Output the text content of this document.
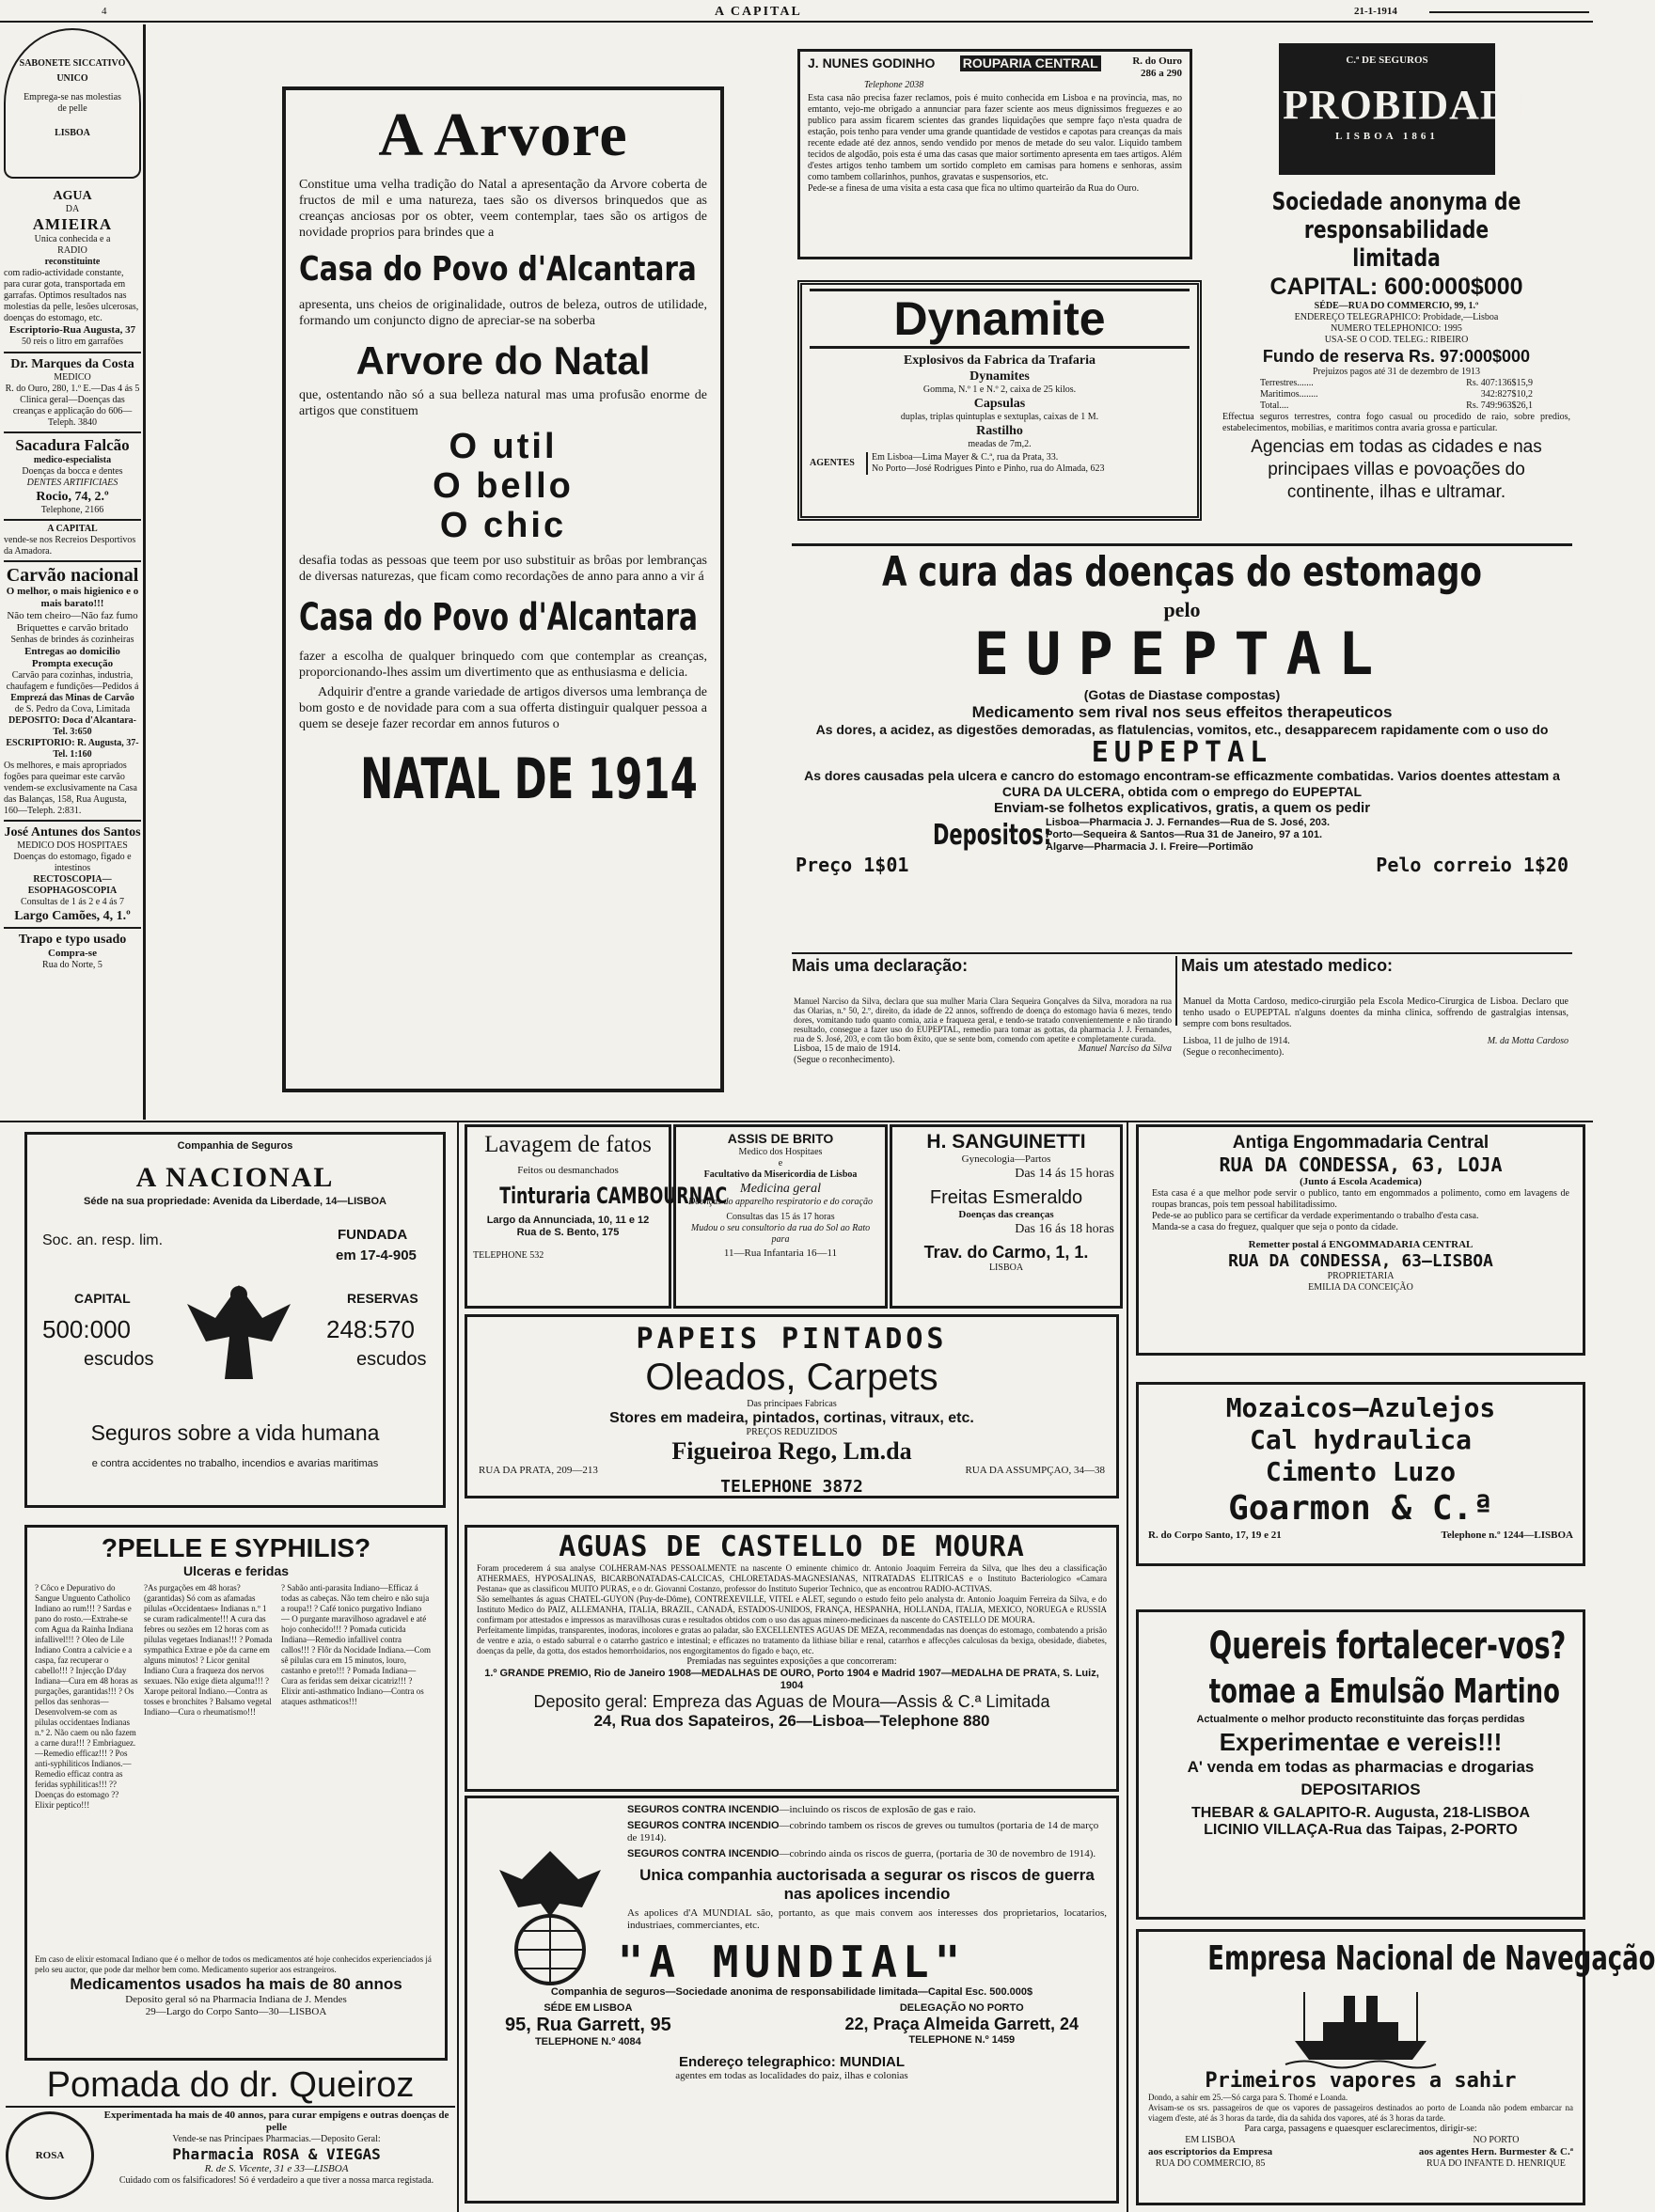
4	A CAPITAL	21-1-1914
SABONETE SICCATIVO
UNICO
Emprega-se nas molestias
de pelle
LISBOA
AGUA
DA
AMIEIRA
Unica conhecida e a
RADIO
reconstituinte
com radio-actividade constante, para curar gota, transportada em garrafas. Optimos resultados nas molestias da pelle, lesões ulcerosas, doenças do estomago, etc.
Escriptorio-Rua Augusta, 37
50 reis o litro em garrafões
Dr. Marques da Costa
MEDICO
R. do Ouro, 280, 1.º E.—Das 4 ás 5
Clinica geral—Doenças das creanças e applicação do 606—Teleph. 3840
Sacadura Falcão
medico-especialista
Doenças da bocca e dentes
DENTES ARTIFICIAES
Rocio, 74, 2.º
Telephone, 2166
A CAPITAL
vende-se nos Recreios Desportivos da Amadora.
Carvão nacional
O melhor, o mais higienico e o mais barato!!!
Não tem cheiro—Não faz fumo
Briquettes e carvão britado
Senhas de brindes ás cozinheiras
Entregas ao domicilio
Prompta execução
Carvão para cozinhas, industria, chaufagem e fundições—Pedidos á
Emprezá das Minas de Carvão
de S. Pedro da Cova, Limitada
DEPOSITO: Doca d'Alcantara-Tel. 3:650
ESCRIPTORIO: R. Augusta, 37-Tel. 1:160
Os melhores, e mais apropriados fogões para queimar este carvão vendem-se exclusivamente na Casa das Balanças, 158, Rua Augusta, 160—Teleph. 2:831.
José Antunes dos Santos
MEDICO DOS HOSPITAES
Doenças do estomago, figado e intestinos
RECTOSCOPIA—ESOPHAGOSCOPIA
Consultas de 1 ás 2 e 4 ás 7
Largo Camões, 4, 1.º
Trapo e typo usado
Compra-se
Rua do Norte, 5
A Arvore

Constitue uma velha tradição do Natal a apresentação da Arvore coberta de fructos de mil e uma natureza, taes são os diversos brinquedos que as creanças anciosas por os obter, veem contemplar, taes são os artigos de novidade proprios para brindes que a

Casa do Povo d'Alcantara

apresenta, uns cheios de originalidade, outros de beleza, outros de utilidade, formando um conjuncto digno de apreciar-se na soberba

Arvore do Natal

que, ostentando não só a sua belleza natural mas uma profusão enorme de artigos que constituem

O util
O bello
O chic

desafia todas as pessoas que teem por uso substituir as brôas por lembranças de diversas naturezas, que ficam como recordações de anno para anno a vir á

Casa do Povo d'Alcantara

fazer a escolha de qualquer brinquedo com que contemplar as creanças, proporcionando-lhes assim um divertimento que as enthusiasma e delicia.

Adquirir d'entre a grande variedade de artigos diversos uma lembrança de bom gosto e de novidade para com a sua offerta distinguir qualquer pessoa a quem se deseje fazer recordar em annos futuros o

NATAL DE 1914
J. NUNES GODINHO ROUPARIA CENTRAL	R. do Ouro 286 a 290
Telephone 2038

Esta casa não precisa fazer reclamos, pois é muito conhecida em Lisboa e na provincia, mas, no emtanto, vejo-me obrigado a annunciar para fazer sciente aos meus dignissimos freguezes e ao publico para assim ficarem scientes das grandes liquidações que sempre faço n'esta quadra de estação, pois tenho para vender uma grande quantidade de vestidos e capotas para creanças da mais recente edade até dez annos, sendo vendido por menos de metade do seu valor. Liquido tambem tecidos de algodão, pois esta é uma das casas que maior sortimento apresenta em taes artigos. Além d'estes artigos tenho tambem um sortido completo em camisas para homens e senhoras, assim como tambem collarinhos, punhos, gravatas e suspensorios, etc.

Pede-se a finesa de uma visita a esta casa que fica no ultimo quarteirão da Rua do Ouro.

C.ª DE SEGUROS
PROBIDADE
LISBOA 1861
Sociedade anonyma de responsabilidade limitada
CAPITAL: 600:000$000
SÉDE—RUA DO COMMERCIO, 99, 1.º
ENDEREÇO TELEGRAPHICO: Probidade,—Lisboa
NUMERO TELEPHONICO: 1995
USA-SE O COD. TELEG.: RIBEIRO
Fundo de reserva Rs. 97:000$000
Prejuizos pagos até 31 de dezembro de 1913
Terrestres.......	Rs. 407:136$15,9
Maritimos........	342:827$10,2
Total....	Rs. 749:963$26,1

Effectua seguros terrestres, contra fogo casual ou procedido de raio, sobre predios, estabelecimentos, mobilias, e maritimos contra avaria grossa e particular.

Agencias em todas as cidades e nas principaes villas e povoações do continente, ilhas e ultramar.
Dynamite
Explosivos da Fabrica da Trafaria
Dynamites
Gomma, N.º 1 e N.º 2, caixa de 25 kilos.
Capsulas
duplas, triplas quintuplas e sextuplas, caixas de 1 M.
Rastilho
meadas de 7m,2.
AGENTES
Em Lisboa—Lima Mayer & C.ª, rua da Prata, 33.
No Porto—José Rodrigues Pinto e Pinho, rua do Almada, 623
A cura das doenças do estomago
pelo
EUPEPTAL
(Gotas de Diastase compostas)
Medicamento sem rival nos seus effeitos therapeuticos
As dores, a acidez, as digestões demoradas, as flatulencias, vomitos, etc., desapparecem rapidamente com o uso do
EUPEPTAL
As dores causadas pela ulcera e cancro do estomago encontram-se efficazmente combatidas. Varios doentes attestam a CURA DA ULCERA, obtida com o emprego do EUPEPTAL
Enviam-se folhetos explicativos, gratis, a quem os pedir
Depositos:
Lisboa—Pharmacia J. J. Fernandes—Rua de S. José, 203.
Porto—Sequeira & Santos—Rua 31 de Janeiro, 97 a 101.
Algarve—Pharmacia J. I. Freire—Portimão
Preço 1$01	Pelo correio 1$20
Mais uma declaração:	Mais um atestado medico:

Manuel Narciso da Silva, declara que sua mulher Maria Clara Sequeira Gonçalves da Silva, moradora na rua das Olarias, n.º 50, 2.º, direito, da idade de 22 annos, soffrendo de doença do estomago havia 6 mezes, tendo dores, vomitando tudo quanto comia, azia e fraqueza geral, e tendo-se tratado convenientemente e não tirando resultado, consegue a fazer uso do EUPEPTAL, remedio para tomar as gottas, da pharmacia J. J. Fernandes, rua de S. José, 203, e com tão bom êxito, que se sente bom, comendo com apetite e completamente curada.

Lisboa, 15 de maio de 1914.	Manuel Narciso da Silva
(Segue o reconhecimento).

Manuel da Motta Cardoso, medico-cirurgião pela Escola Medico-Cirurgica de Lisboa. Declaro que tenho usado o EUPEPTAL n'alguns doentes da minha clinica, soffrendo de gastralgias intensas, sempre com bons resultados.

Lisboa, 11 de julho de 1914.	M. da Motta Cardoso
(Segue o reconhecimento).
Companhia de Seguros
A NACIONAL
Séde na sua propriedade: Avenida da Liberdade, 14—LISBOA
Soc. an. resp. lim.	FUNDADA
em 17-4-905
CAPITAL
500:000
escudos
RESERVAS
248:570
escudos
Seguros sobre a vida humana
e contra accidentes no trabalho, incendios e avarias maritimas
Lavagem de fatos
Feitos ou desmanchados
Tinturaria CAMBOURNAC
Largo da Annunciada, 10, 11 e 12
Rua de S. Bento, 175
TELEPHONE 532
ASSIS DE BRITO
Medico dos Hospitaes
e
Facultativo da Misericordia de Lisboa
Medicina geral
Doenças do apparelho respiratorio e do coração
Consultas das 15 ás 17 horas
Mudou o seu consultorio da rua do Sol ao Rato para
11—Rua Infantaria 16—11
H. SANGUINETTI
Gynecologia—Partos
Das 14 ás 15 horas
Freitas Esmeraldo
Doenças das creanças
Das 16 ás 18 horas
Trav. do Carmo, 1, 1.
LISBOA
Antiga Engommadaria Central
RUA DA CONDESSA, 63, LOJA
(Junto á Escola Academica)

Esta casa é a que melhor pode servir o publico, tanto em engommados a polimento, como em lavagens de roupas brancas, pois tem pessoal habilitadissimo.

Pede-se ao publico para se certificar da verdade experimentando o trabalho d'esta casa.

Manda-se a casa do freguez, qualquer que seja o ponto da cidade.

Remetter postal á ENGOMMADARIA CENTRAL
RUA DA CONDESSA, 63—LISBOA
PROPRIETARIA
EMILIA DA CONCEIÇÃO
PAPEIS PINTADOS
Oleados, Carpets
Das principaes Fabricas
Stores em madeira, pintados, cortinas, vitraux, etc.
PREÇOS REDUZIDOS
Figueiroa Rego, Lm.da
RUA DA PRATA, 209—213	RUA DA ASSUMPÇAO, 34—38
TELEPHONE 3872
Mozaicos—Azulejos
Cal hydraulica
Cimento Luzo
Goarmon & C.ª
R. do Corpo Santo, 17, 19 e 21	Telephone n.º 1244—LISBOA
?PELLE E SYPHILIS?
Ulceras e feridas

? Côco e Depurativo do Sangue Unguento Catholico Indiano ao rum!!! ? Sardas e pano do rosto.—Extrahe-se com Agua da Rainha Indiana infallivel!!! ? Oleo de Lile Indiano Contra a calvicie e a caspa, faz recuperar o cabello!!! ? Injecção D'day Indiana—Cura em 48 horas as purgações, garantidas!!! ? Os pellos das senhoras—Desenvolvem-se com as pilulas occidentaes Indianas n.º 2. Não caem ou não fazem a carne dura!!! ? Embriaguez.—Remedio efficaz!!! ? Pos anti-syphiliticos Indianos.—Remedio efficaz contra as feridas syphiliticas!!! ?? Doenças do estomago ?? Elixir peptico!!!

?As purgações em 48 horas? (garantidas) Só com as afamadas pilulas «Occidentaes» Indianas n.º 1 se curam radicalmente!!! A cura das febres ou sezões em 12 horas com as pilulas vegetaes Indianas!!! ? Pomada sympathica Extrae e põe da carne em alguns minutos! ? Licor genital Indiano Cura a fraqueza dos nervos sexuaes. Não exige dieta alguma!!! ? Xarope peitoral Indiano.—Contra as tosses e bronchites ? Balsamo vegetal Indiano—Cura o rheumatismo!!!

? Sabão anti-parasita Indiano—Efficaz á todas as cabeças. Não tem cheiro e não suja a roupa!! ? Café tonico purgativo Indiano — O purgante maravilhoso agradavel e até hojo conhecido!!! ? Pomada cuticida Indiana—Remedio infallivel contra callos!!! ? Flôr da Nocidade Indiana.—Com sê pilulas cura em 15 minutos, louro, castanho e preto!!! ? Pomada Indiana—Cura as feridas sem deixar cicatriz!!! ? Elixir anti-asthmatico Indiano—Contra os ataques asthmaticos!!!

Em caso de elixir estomacal Indiano que é o melhor de todos os medicamentos até hoje conhecidos experienciados já pelo seu auctor, que pode dar melhor bem como. Medicamento superior aos estrangeiros.

Medicamentos usados ha mais de 80 annos
Deposito geral só na Pharmacia Indiana de J. Mendes
29—Largo do Corpo Santo—30—LISBOA
AGUAS DE CASTELLO DE MOURA

Foram procederem á sua analyse COLHERAM-NAS PESSOALMENTE na nascente O eminente chimico dr. Antonio Joaquim Ferreira da Silva, que lhes deu a classificação ATHERMAES, HYPOSALINAS, BICARBONATADAS-CALCICAS, CHLORETADAS-MAGNESIANAS, NITRATADAS ELITRICAS e o Instituto Bacteriologico «Camara Pestana» que as classificou MUITO PURAS, e o dr. Giovanni Costanzo, professor do Instituto Superior Technico, que as encontrou RADIO-ACTIVAS.

São semelhantes ás aguas CHATEL-GUYON (Puy-de-Dôme), CONTREXEVILLE, VITEL e ALET, segundo o estudo feito pelo analysta dr. Antonio Joaquim Ferreira da Silva, e do Instituto Medico do PAIZ, ALLEMANHA, ITALIA, BRAZIL, CANADÁ, ESTADOS-UNIDOS, FRANÇA, HESPANHA, HOLLANDA, ITALIA, MEXICO, NORUEGA e RUSSIA confirmam por attestados e impressos as maravilhosas curas e resultados obtidos com o uso das aguas minero-medicinaes da nascente do CASTELLO DE MOURA.

Perfeitamente limpidas, transparentes, inodoras, incolores e gratas ao paladar, são EXCELLENTES AGUAS DE MEZA, recommendadas nas doenças do estomago, combatendo a prisão de ventre e azia, o estado saburral e o catarrho gastrico e intestinal; e efficazes no tratamento da lithiase biliar e renal, catarrhos e affecções calculosas da bexiga, obesidade, diabetes, doenças da pelle, da gotta, dos estados hemorrhoidarios, nos engorgitamentos do figado e baço, etc.

Premiadas nas seguintes exposições a que concorreram:
1.º GRANDE PREMIO, Rio de Janeiro 1908—MEDALHAS DE OURO, Porto 1904 e Madrid 1907—MEDALHA DE PRATA, S. Luiz, 1904
Deposito geral: Empreza das Aguas de Moura—Assis & C.ª Limitada
24, Rua dos Sapateiros, 26—Lisboa—Telephone 880
SEGUROS CONTRA INCENDIO—incluindo os riscos de explosão de gas e raio.
SEGUROS CONTRA INCENDIO—cobrindo tambem os riscos de greves ou tumultos (portaria de 14 de março de 1914).
SEGUROS CONTRA INCENDIO—cobrindo ainda os riscos de guerra, (portaria de 30 de novembro de 1914).
Unica companhia auctorisada a segurar os riscos de guerra nas apolices incendio

As apolices d'A MUNDIAL são, portanto, as que mais convem aos interesses dos proprietarios, locatarios, industriaes, commerciantes, etc.

"A MUNDIAL"
Companhia de seguros—Sociedade anonima de responsabilidade limitada—Capital Esc. 500.000$
SÉDE EM LISBOA
95, Rua Garrett, 95
TELEPHONE N.º 4084
DELEGAÇÃO NO PORTO
22, Praça Almeida Garrett, 24
TELEPHONE N.º 1459
Endereço telegraphico: MUNDIAL
agentes em todas as localidades do paiz, ilhas e colonias
Quereis fortalecer-vos?
tomae a Emulsão Martino
Actualmente o melhor producto reconstituinte das forças perdidas
Experimentae e vereis!!!
A' venda em todas as pharmacias e drogarias
DEPOSITARIOS
THEBAR & GALAPITO-R. Augusta, 218-LISBOA
LICINIO VILLAÇA-Rua das Taipas, 2-PORTO
Empresa Nacional de Navegação
Primeiros vapores a sahir

Dondo, a sahir em 25.—Só carga para S. Thomé e Loanda.

Avisam-se os srs. passageiros de que os vapores de passageiros destinados ao porto de Loanda não podem embarcar na viagem d'este, até ás 3 horas da tarde, dia da sahida dos vapores, até ás 3 horas da tarde.

Para carga, passagens e quaesquer esclarecimentos, dirigir-se:
EM LISBOA
aos escriptorios da Empresa
RUA DO COMMERCIO, 85
NO PORTO
aos agentes Hern. Burmester & C.ª
RUA DO INFANTE D. HENRIQUE
Pomada do dr. Queiroz
ROSA
Experimentada ha mais de 40 annos, para curar empigens e outras doenças de pelle
Vende-se nas Principaes Pharmacias.—Deposito Geral:
Pharmacia ROSA & VIEGAS
R. de S. Vicente, 31 e 33—LISBOA
Cuidado com os falsificadores! Só é verdadeiro a que tiver a nossa marca registada.
